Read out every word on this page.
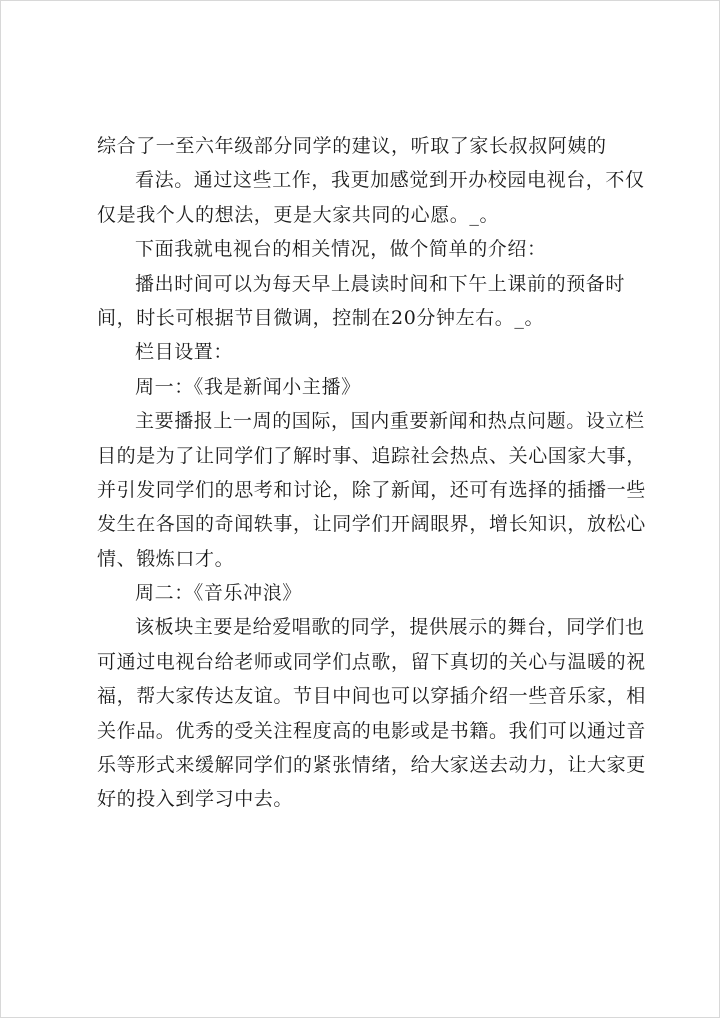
综合了一至六年级部分同学的建议，听取了家长叔叔阿姨的
看法。通过这些工作，我更加感觉到开办校园电视台，不仅
仅是我个人的想法，更是大家共同的心愿。_。
下面我就电视台的相关情况，做个简单的介绍：
播出时间可以为每天早上晨读时间和下午上课前的预备时
间，时长可根据节目微调，控制在20分钟左右。_。
栏目设置：
周一：《我是新闻小主播》
主要播报上一周的国际，国内重要新闻和热点问题。设立栏
目的是为了让同学们了解时事、追踪社会热点、关心国家大事，
并引发同学们的思考和讨论，除了新闻，还可有选择的插播一些
发生在各国的奇闻轶事，让同学们开阔眼界，增长知识，放松心
情、锻炼口才。
周二：《音乐冲浪》
该板块主要是给爱唱歌的同学，提供展示的舞台，同学们也
可通过电视台给老师或同学们点歌，留下真切的关心与温暖的祝
福，帮大家传达友谊。节目中间也可以穿插介绍一些音乐家，相
关作品。优秀的受关注程度高的电影或是书籍。我们可以通过音
乐等形式来缓解同学们的紧张情绪，给大家送去动力，让大家更
好的投入到学习中去。
